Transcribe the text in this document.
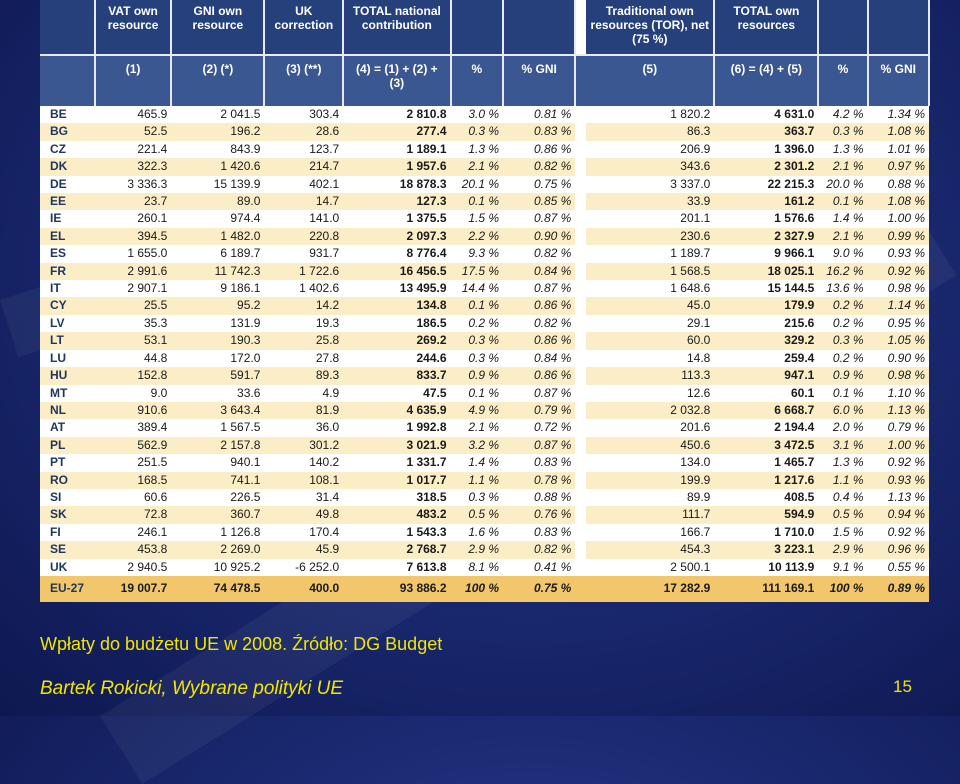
	VAT own resource	GNI own resource	UK correction	TOTAL national contribution				Traditional own resources (TOR), net (75 %)	TOTAL own resources		
	(1)	(2) (*)	(3) (**)	(4) = (1) + (2) + (3)	%	% GNI		(5)	(6) = (4) + (5)	%	% GNI
BE	465.9	2 041.5	303.4	2 810.8	3.0 %	0.81 %		1 820.2	4 631.0	4.2 %	1.34 %
BG	52.5	196.2	28.6	277.4	0.3 %	0.83 %		86.3	363.7	0.3 %	1.08 %
CZ	221.4	843.9	123.7	1 189.1	1.3 %	0.86 %		206.9	1 396.0	1.3 %	1.01 %
DK	322.3	1 420.6	214.7	1 957.6	2.1 %	0.82 %		343.6	2 301.2	2.1 %	0.97 %
DE	3 336.3	15 139.9	402.1	18 878.3	20.1 %	0.75 %		3 337.0	22 215.3	20.0 %	0.88 %
EE	23.7	89.0	14.7	127.3	0.1 %	0.85 %		33.9	161.2	0.1 %	1.08 %
IE	260.1	974.4	141.0	1 375.5	1.5 %	0.87 %		201.1	1 576.6	1.4 %	1.00 %
EL	394.5	1 482.0	220.8	2 097.3	2.2 %	0.90 %		230.6	2 327.9	2.1 %	0.99 %
ES	1 655.0	6 189.7	931.7	8 776.4	9.3 %	0.82 %		1 189.7	9 966.1	9.0 %	0.93 %
FR	2 991.6	11 742.3	1 722.6	16 456.5	17.5 %	0.84 %		1 568.5	18 025.1	16.2 %	0.92 %
IT	2 907.1	9 186.1	1 402.6	13 495.9	14.4 %	0.87 %		1 648.6	15 144.5	13.6 %	0.98 %
CY	25.5	95.2	14.2	134.8	0.1 %	0.86 %		45.0	179.9	0.2 %	1.14 %
LV	35.3	131.9	19.3	186.5	0.2 %	0.82 %		29.1	215.6	0.2 %	0.95 %
LT	53.1	190.3	25.8	269.2	0.3 %	0.86 %		60.0	329.2	0.3 %	1.05 %
LU	44.8	172.0	27.8	244.6	0.3 %	0.84 %		14.8	259.4	0.2 %	0.90 %
HU	152.8	591.7	89.3	833.7	0.9 %	0.86 %		113.3	947.1	0.9 %	0.98 %
MT	9.0	33.6	4.9	47.5	0.1 %	0.87 %		12.6	60.1	0.1 %	1.10 %
NL	910.6	3 643.4	81.9	4 635.9	4.9 %	0.79 %		2 032.8	6 668.7	6.0 %	1.13 %
AT	389.4	1 567.5	36.0	1 992.8	2.1 %	0.72 %		201.6	2 194.4	2.0 %	0.79 %
PL	562.9	2 157.8	301.2	3 021.9	3.2 %	0.87 %		450.6	3 472.5	3.1 %	1.00 %
PT	251.5	940.1	140.2	1 331.7	1.4 %	0.83 %		134.0	1 465.7	1.3 %	0.92 %
RO	168.5	741.1	108.1	1 017.7	1.1 %	0.78 %		199.9	1 217.6	1.1 %	0.93 %
SI	60.6	226.5	31.4	318.5	0.3 %	0.88 %		89.9	408.5	0.4 %	1.13 %
SK	72.8	360.7	49.8	483.2	0.5 %	0.76 %		111.7	594.9	0.5 %	0.94 %
FI	246.1	1 126.8	170.4	1 543.3	1.6 %	0.83 %		166.7	1 710.0	1.5 %	0.92 %
SE	453.8	2 269.0	45.9	2 768.7	2.9 %	0.82 %		454.3	3 223.1	2.9 %	0.96 %
UK	2 940.5	10 925.2	-6 252.0	7 613.8	8.1 %	0.41 %		2 500.1	10 113.9	9.1 %	0.55 %
EU-27	19 007.7	74 478.5	400.0	93 886.2	100 %	0.75 %		17 282.9	111 169.1	100 %	0.89 %

Wpłaty do budżetu UE w 2008. Źródło: DG Budget

Bartek Rokicki, Wybrane polityki UE	15
